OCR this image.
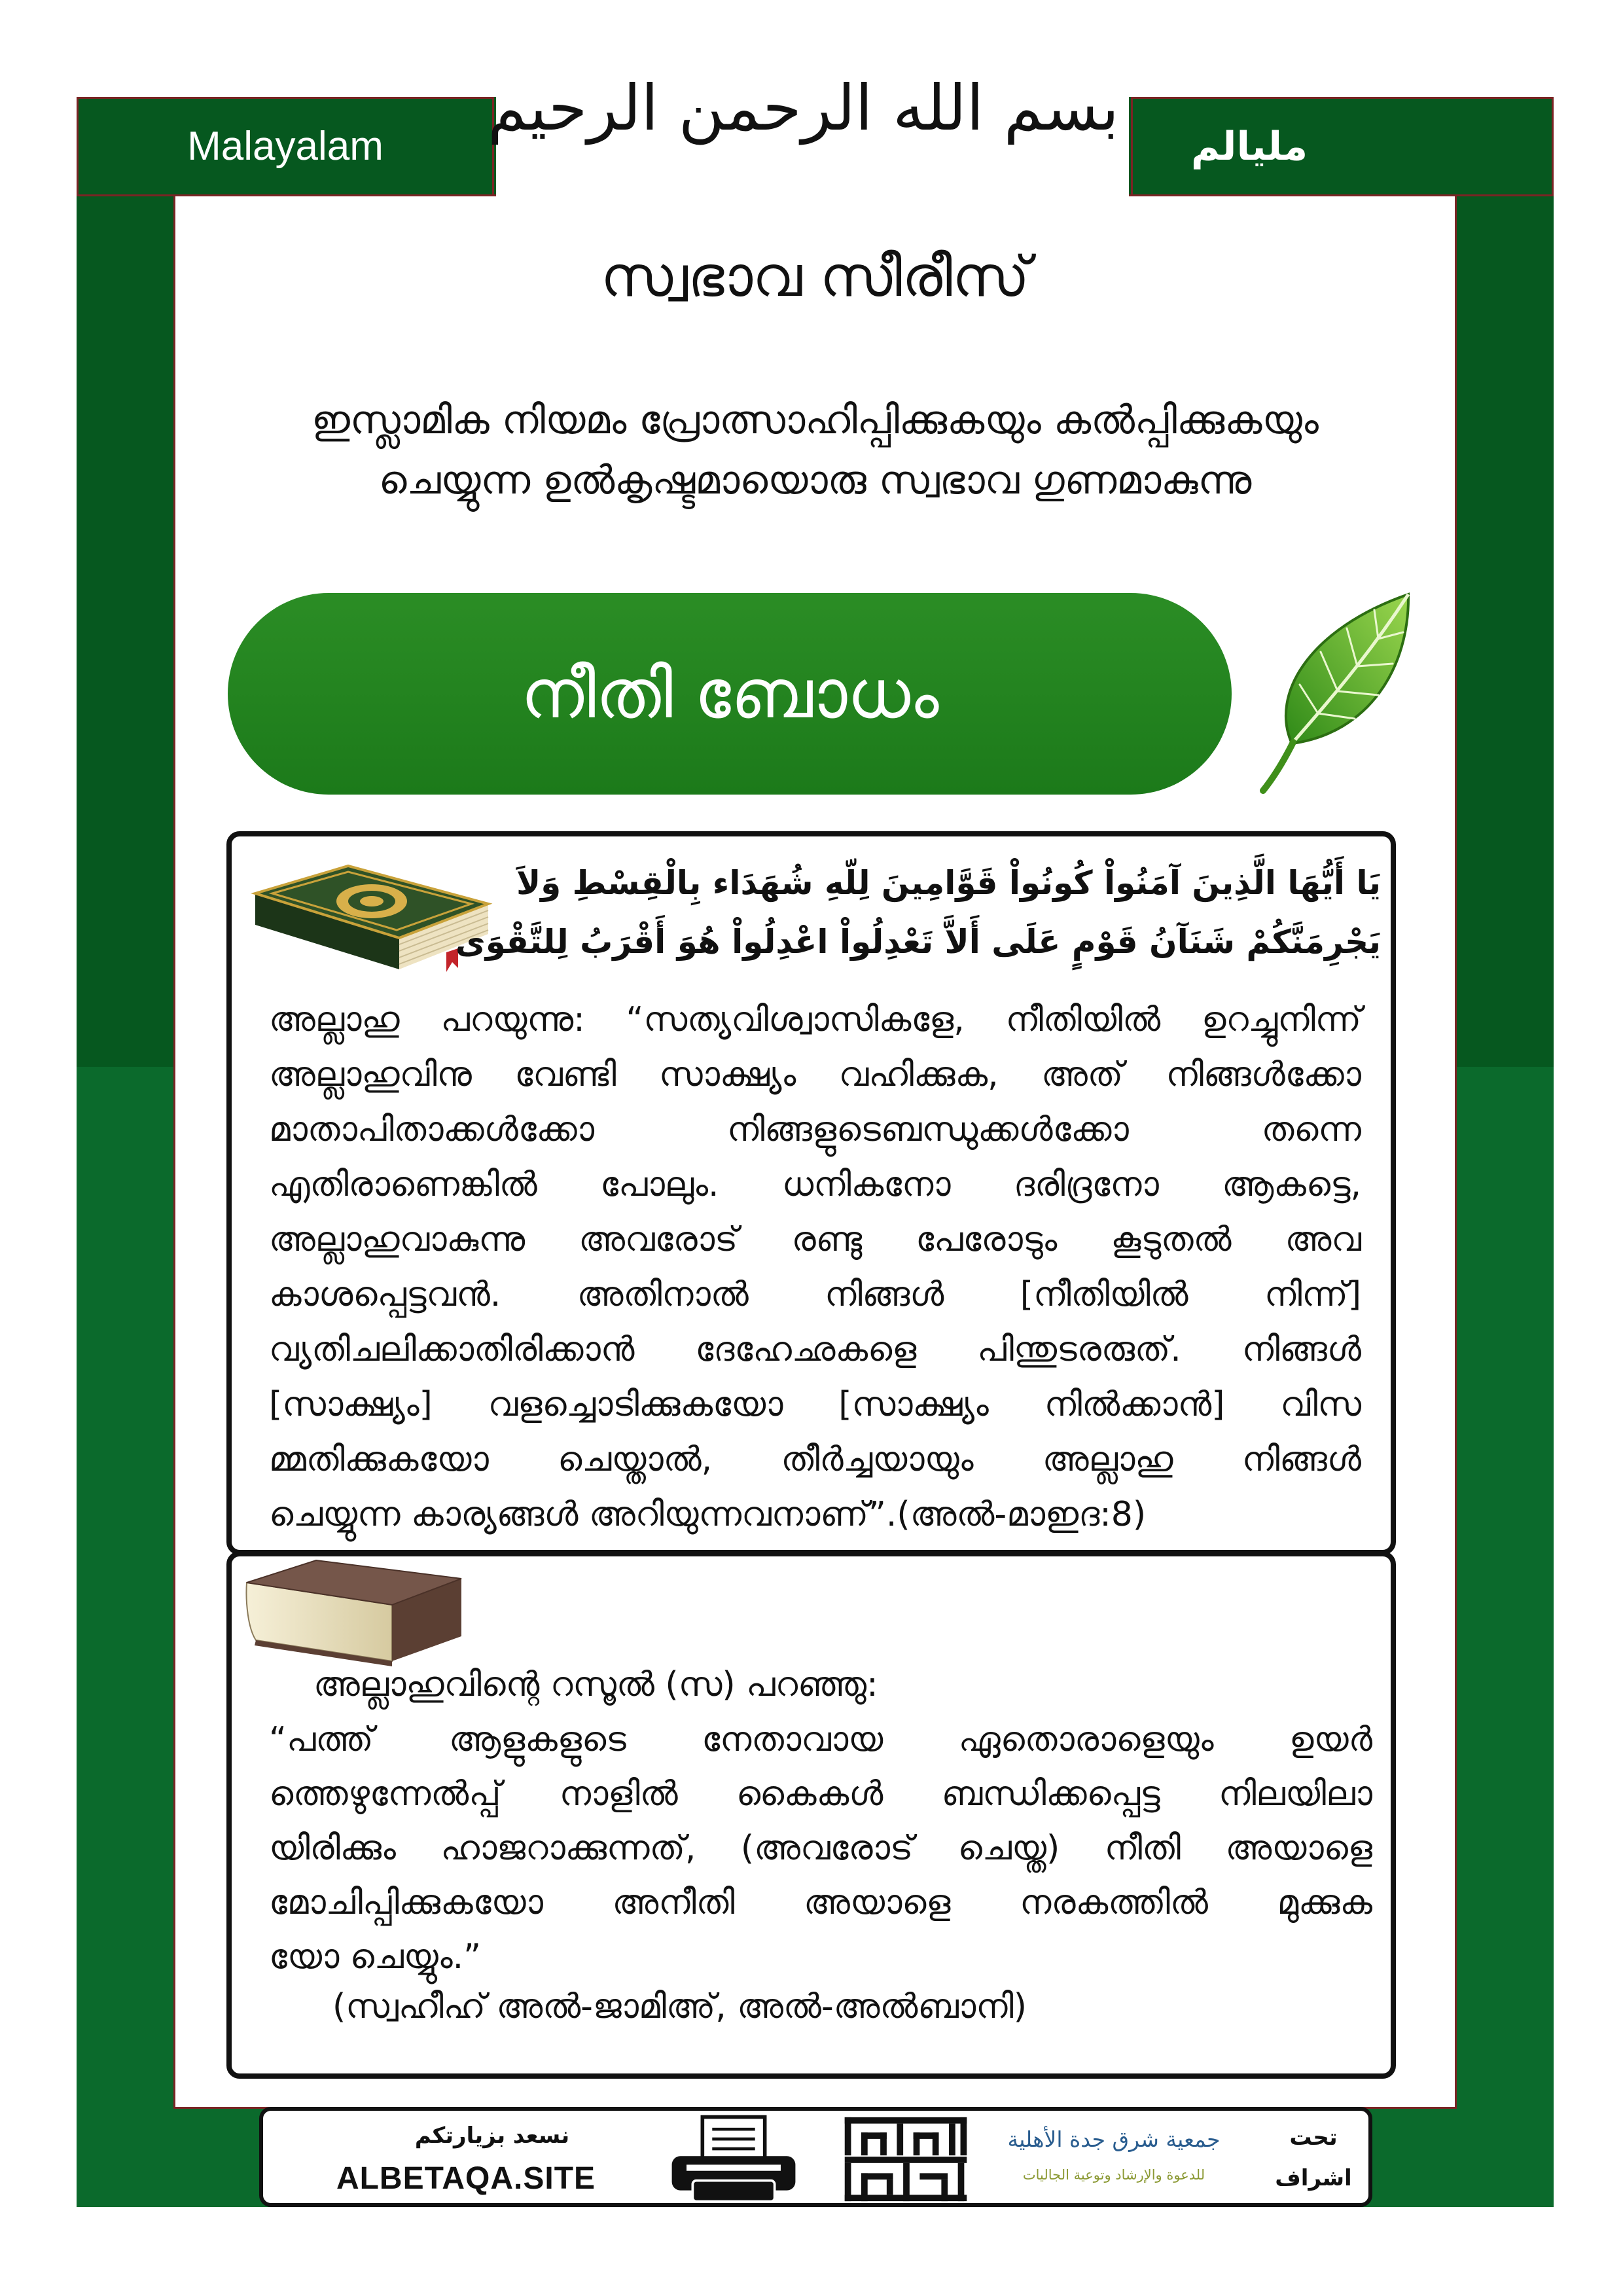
Malayalam	مليالم
بسم الله الرحمن الرحيم
സ്വഭാവ സീരീസ്
ഇസ്ലാമിക നിയമം പ്രോത്സാഹിപ്പിക്കുകയും കൽപ്പിക്കുകയും
ചെയ്യുന്ന ഉൽകൃഷ്ടമായൊരു സ്വഭാവ ഗുണമാകുന്നു
നീതി ബോധം
يَا أَيُّهَا الَّذِينَ آمَنُواْ كُونُواْ قَوَّامِينَ لِلّهِ شُهَدَاء بِالْقِسْطِ وَلاَ
يَجْرِمَنَّكُمْ شَنَآنُ قَوْمٍ عَلَى أَلاَّ تَعْدِلُواْ اعْدِلُواْ هُوَ أَقْرَبُ لِلتَّقْوَى
അല്ലാഹു പറയുന്നു: “സത്യവിശ്വാസികളേ, നീതിയിൽ ഉറച്ചുനിന്ന്
അല്ലാഹുവിനു വേണ്ടി സാക്ഷ്യം വഹിക്കുക, അത് നിങ്ങൾക്കോ
മാതാപിതാക്കൾക്കോ നിങ്ങളുടെബന്ധുക്കൾക്കോ തന്നെ
എതിരാണെങ്കിൽ പോലും. ധനികനോ ദരിദ്രനോ ആകട്ടെ,
അല്ലാഹുവാകുന്നു അവരോട് രണ്ടു പേരോടും കൂടുതൽ അവ
കാശപ്പെട്ടവൻ. അതിനാൽ നിങ്ങൾ [നീതിയിൽ നിന്ന്]
വ്യതിചലിക്കാതിരിക്കാൻ ദേഹേഛകളെ പിന്തുടരരുത്. നിങ്ങൾ
[സാക്ഷ്യം] വളച്ചൊടിക്കുകയോ [സാക്ഷ്യം നിൽക്കാൻ] വിസ
മ്മതിക്കുകയോ ചെയ്താൽ, തീർച്ചയായും അല്ലാഹു നിങ്ങൾ
ചെയ്യുന്ന കാര്യങ്ങൾ അറിയുന്നവനാണ്”.(അൽ-മാഇദ:8)
അല്ലാഹുവിന്റെ റസൂൽ (സ) പറഞ്ഞു:
“പത്ത് ആളുകളുടെ നേതാവായ ഏതൊരാളെയും ഉയർ
ത്തെഴുന്നേൽപ്പ് നാളിൽ കൈകൾ ബന്ധിക്കപ്പെട്ട നിലയിലാ
യിരിക്കും ഹാജറാക്കുന്നത്, (അവരോട് ചെയ്ത) നീതി അയാളെ
മോചിപ്പിക്കുകയോ അനീതി അയാളെ നരകത്തിൽ മുക്കുക
യോ ചെയ്യും.”
(സ്വഹീഹ് അൽ-ജാമിഅ്, അൽ-അൽബാനി)
نسعد بزيارتكم
ALBETAQA.SITE
جمعية شرق جدة الأهلية
للدعوة والإرشاد وتوعية الجاليات
تحت
اشراف
